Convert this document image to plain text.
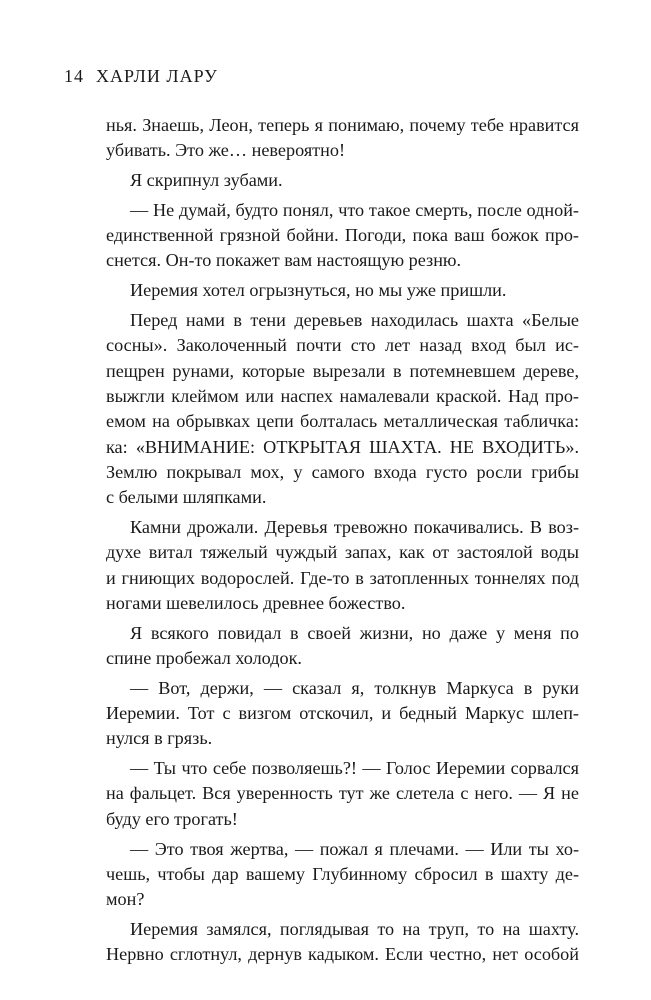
14 ХАРЛИ ЛАРУ
нья. Знаешь, Леон, теперь я понимаю, почему тебе нравится
убивать. Это же… невероятно!
Я скрипнул зубами.
— Не думай, будто понял, что такое смерть, после одной-
единственной грязной бойни. Погоди, пока ваш божок про-
снется. Он-то покажет вам настоящую резню.
Иеремия хотел огрызнуться, но мы уже пришли.
Перед нами в тени деревьев находилась шахта «Белые
сосны». Заколоченный почти сто лет назад вход был ис-
пещрен рунами, которые вырезали в потемневшем дереве,
выжгли клеймом или наспех намалевали краской. Над про-
емом на обрывках цепи болталась металлическая табличка:
ка: «ВНИМАНИЕ: ОТКРЫТАЯ ШАХТА. НЕ ВХОДИТЬ».
Землю покрывал мох, у самого входа густо росли грибы
с белыми шляпками.
Камни дрожали. Деревья тревожно покачивались. В воз-
духе витал тяжелый чуждый запах, как от застоялой воды
и гниющих водорослей. Где-то в затопленных тоннелях под
ногами шевелилось древнее божество.
Я всякого повидал в своей жизни, но даже у меня по
спине пробежал холодок.
— Вот, держи, — сказал я, толкнув Маркуса в руки
Иеремии. Тот с визгом отскочил, и бедный Маркус шлеп-
нулся в грязь.
— Ты что себе позволяешь?! — Голос Иеремии сорвался
на фальцет. Вся уверенность тут же слетела с него. — Я не
буду его трогать!
— Это твоя жертва, — пожал я плечами. — Или ты хо-
чешь, чтобы дар вашему Глубинному сбросил в шахту де-
мон?
Иеремия замялся, поглядывая то на труп, то на шахту.
Нервно сглотнул, дернув кадыком. Если честно, нет особой
